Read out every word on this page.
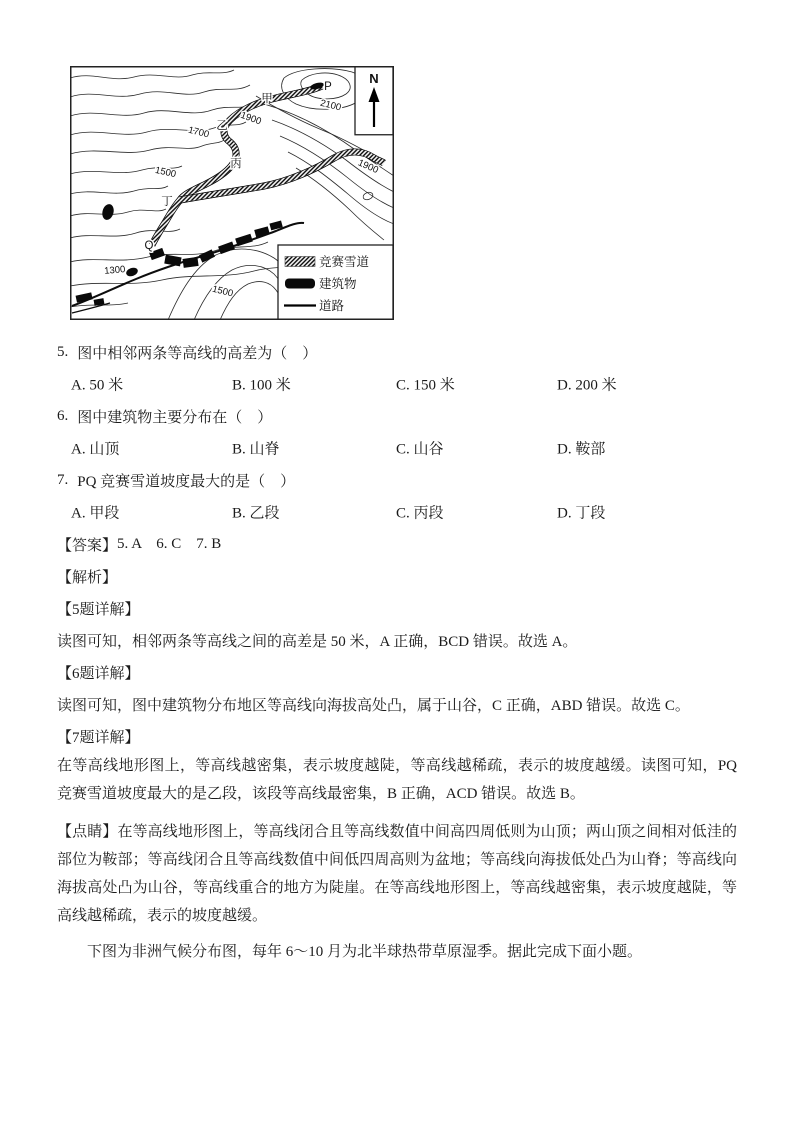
2100
1900
1700
1500	1900
1300
1500
P
甲
乙
丙
丁
Q
N
竞赛雪道
建筑物
道路
5. 图中相邻两条等高线的高差为（　）
A. 50 米	B. 100 米	C. 150 米	D. 200 米
6. 图中建筑物主要分布在（　）
A. 山顶	B. 山脊	C. 山谷	D. 鞍部
7. PQ 竞赛雪道坡度最大的是（　）
A. 甲段	B. 乙段	C. 丙段	D. 丁段
【答案】 5. A    6. C    7. B
【解析】
【5题详解】
读图可知，相邻两条等高线之间的高差是 50 米，A 正确，BCD 错误。故选 A。
【6题详解】
读图可知，图中建筑物分布地区等高线向海拔高处凸，属于山谷，C 正确，ABD 错误。故选 C。
【7题详解】

在等高线地形图上，等高线越密集，表示坡度越陡，等高线越稀疏，表示的坡度越缓。读图可知，PQ 竞赛雪道坡度最大的是乙段，该段等高线最密集，B 正确，ACD 错误。故选 B。

【点睛】在等高线地形图上，等高线闭合且等高线数值中间高四周低则为山顶；两山顶之间相对低洼的部位为鞍部；等高线闭合且等高线数值中间低四周高则为盆地；等高线向海拔低处凸为山脊；等高线向海拔高处凸为山谷，等高线重合的地方为陡崖。在等高线地形图上，等高线越密集，表示坡度越陡，等高线越稀疏，表示的坡度越缓。

下图为非洲气候分布图，每年 6～10 月为北半球热带草原湿季。据此完成下面小题。
